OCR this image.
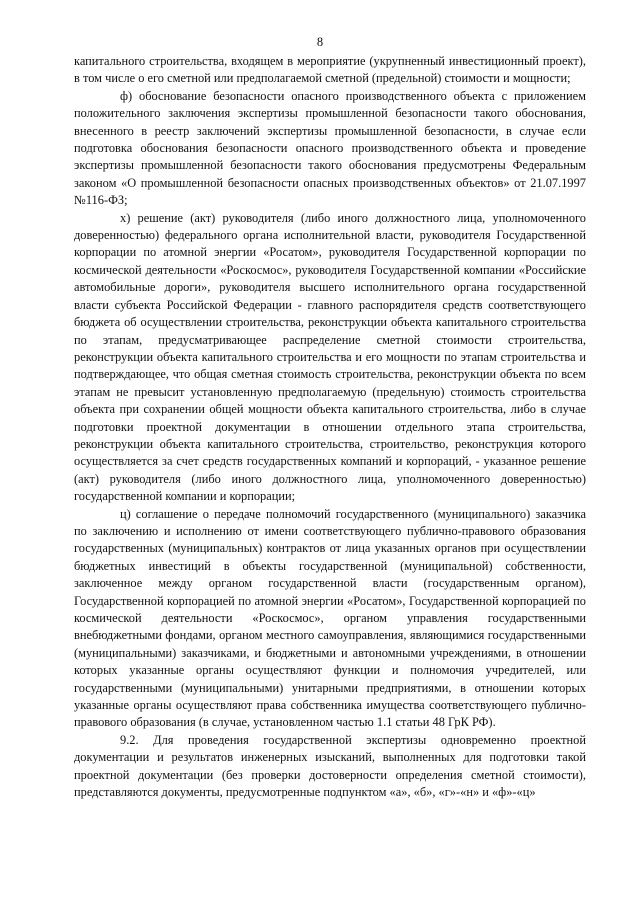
8

капитального строительства, входящем в мероприятие (укрупненный инвестиционный проект), в том числе о его сметной или предполагаемой сметной (предельной) стоимости и мощности;

ф) обоснование безопасности опасного производственного объекта с приложением положительного заключения экспертизы промышленной безопасности такого обоснования, внесенного в реестр заключений экспертизы промышленной безопасности, в случае если подготовка обоснования безопасности опасного производственного объекта и проведение экспертизы промышленной безопасности такого обоснования предусмотрены Федеральным законом «О промышленной безопасности опасных производственных объектов» от 21.07.1997 №116-ФЗ;

х) решение (акт) руководителя (либо иного должностного лица, уполномоченного доверенностью) федерального органа исполнительной власти, руководителя Государственной корпорации по атомной энергии «Росатом», руководителя Государственной корпорации по космической деятельности «Роскосмос», руководителя Государственной компании «Российские автомобильные дороги», руководителя высшего исполнительного органа государственной власти субъекта Российской Федерации - главного распорядителя средств соответствующего бюджета об осуществлении строительства, реконструкции объекта капитального строительства по этапам, предусматривающее распределение сметной стоимости строительства, реконструкции объекта капитального строительства и его мощности по этапам строительства и подтверждающее, что общая сметная стоимость строительства, реконструкции объекта по всем этапам не превысит установленную предполагаемую (предельную) стоимость строительства объекта при сохранении общей мощности объекта капитального строительства, либо в случае подготовки проектной документации в отношении отдельного этапа строительства, реконструкции объекта капитального строительства, строительство, реконструкция которого осуществляется за счет средств государственных компаний и корпораций, - указанное решение (акт) руководителя (либо иного должностного лица, уполномоченного доверенностью) государственной компании и корпорации;

ц) соглашение о передаче полномочий государственного (муниципального) заказчика по заключению и исполнению от имени соответствующего публично-правового образования государственных (муниципальных) контрактов от лица указанных органов при осуществлении бюджетных инвестиций в объекты государственной (муниципальной) собственности, заключенное между органом государственной власти (государственным органом), Государственной корпорацией по атомной энергии «Росатом», Государственной корпорацией по космической деятельности «Роскосмос», органом управления государственными внебюджетными фондами, органом местного самоуправления, являющимися государственными (муниципальными) заказчиками, и бюджетными и автономными учреждениями, в отношении которых указанные органы осуществляют функции и полномочия учредителей, или государственными (муниципальными) унитарными предприятиями, в отношении которых указанные органы осуществляют права собственника имущества соответствующего публично-правового образования (в случае, установленном частью 1.1 статьи 48 ГрК РФ).

9.2. Для проведения государственной экспертизы одновременно проектной документации и результатов инженерных изысканий, выполненных для подготовки такой проектной документации (без проверки достоверности определения сметной стоимости), представляются документы, предусмотренные подпунктом «а», «б», «г»-«н» и «ф»-«ц»
